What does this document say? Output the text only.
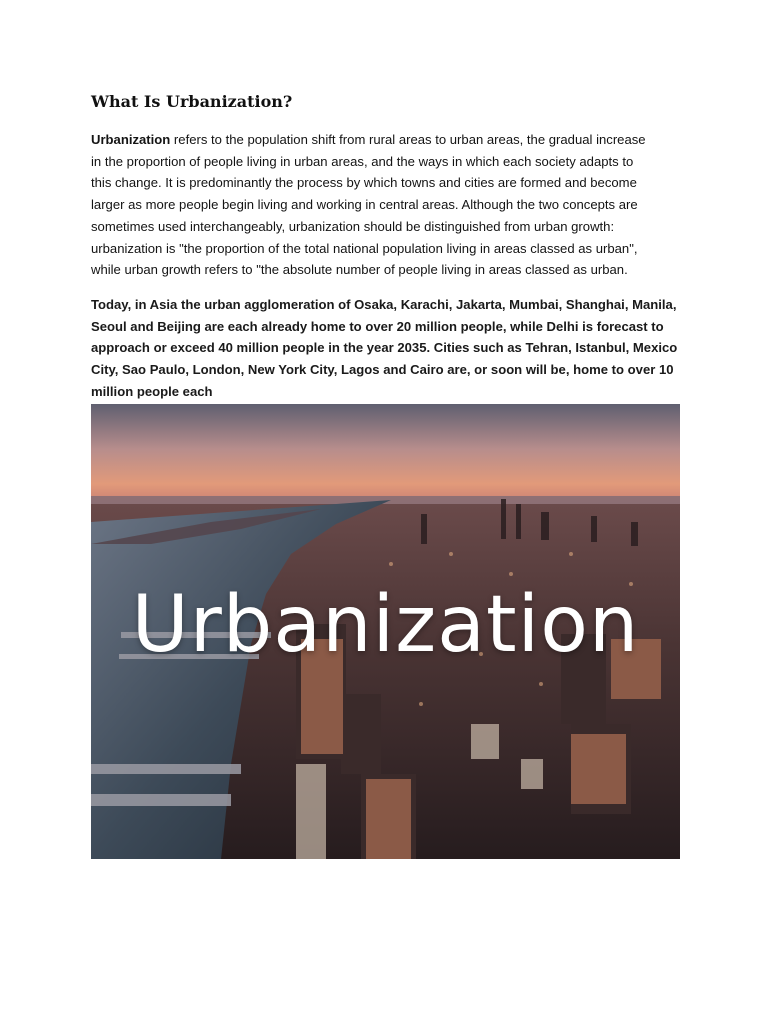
What Is Urbanization?

Urbanization refers to the population shift from rural areas to urban areas, the gradual increase
in the proportion of people living in urban areas, and the ways in which each society adapts to
this change. It is predominantly the process by which towns and cities are formed and become
larger as more people begin living and working in central areas. Although the two concepts are
sometimes used interchangeably, urbanization should be distinguished from urban growth:
urbanization is "the proportion of the total national population living in areas classed as urban",
while urban growth refers to "the absolute number of people living in areas classed as urban.

Today, in Asia the urban agglomeration of Osaka, Karachi, Jakarta, Mumbai, Shanghai, Manila,
Seoul and Beijing are each already home to over 20 million people, while Delhi is forecast to
approach or exceed 40 million people in the year 2035. Cities such as Tehran, Istanbul, Mexico
City, Sao Paulo, London, New York City, Lagos and Cairo are, or soon will be, home to over 10
million people each

Urbanization
